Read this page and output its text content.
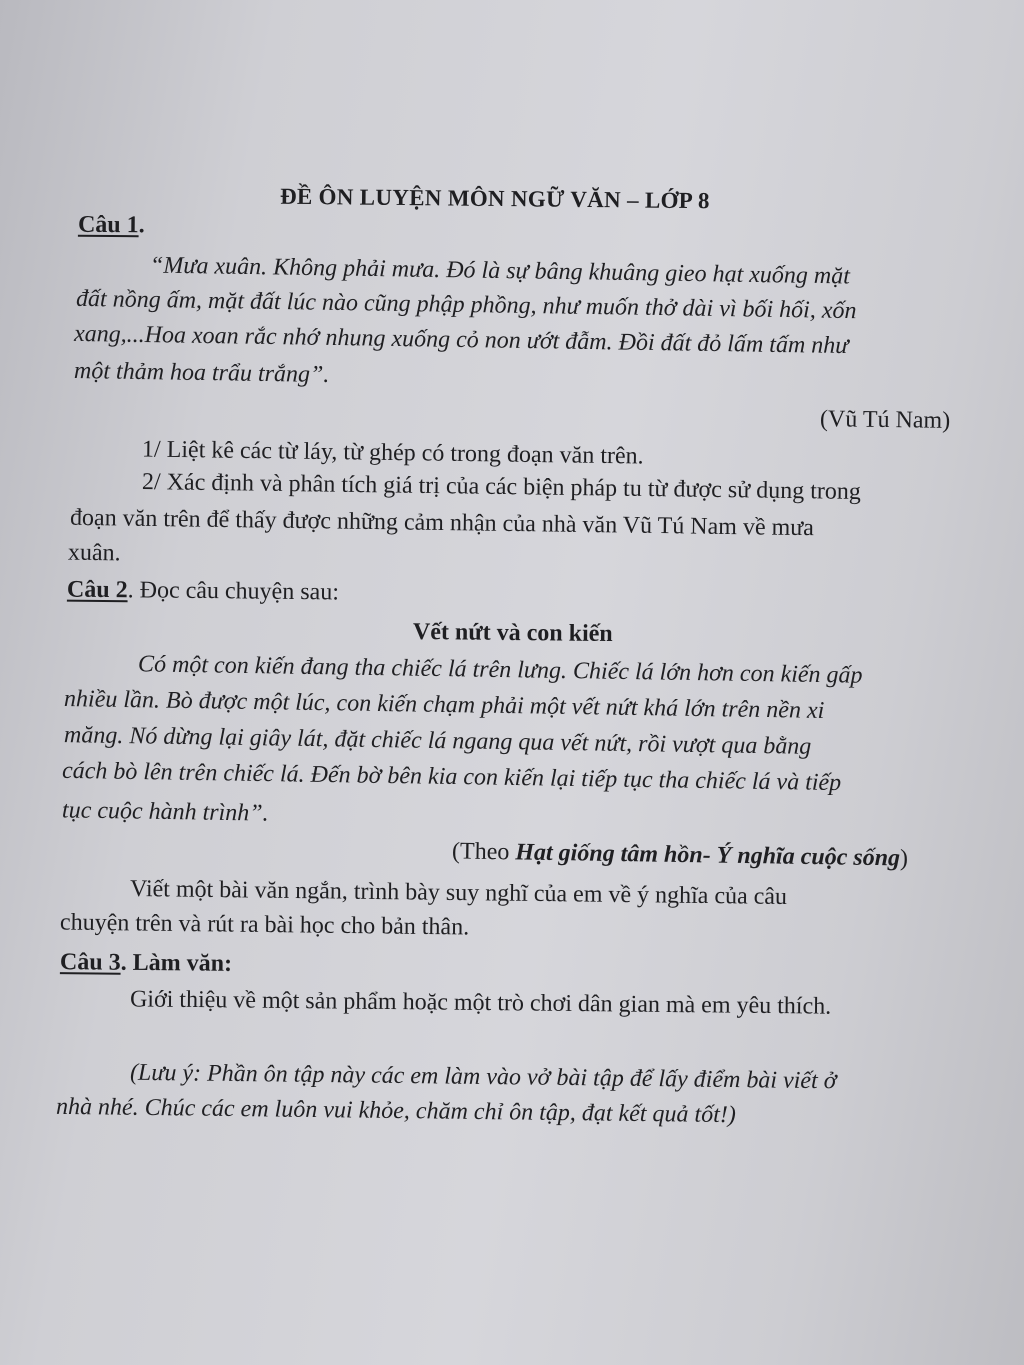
ĐỀ ÔN LUYỆN MÔN NGỮ VĂN – LỚP 8

Câu 1.

“Mưa xuân. Không phải mưa. Đó là sự bâng khuâng gieo hạt xuống mặt

đất nồng ấm, mặt đất lúc nào cũng phập phồng, như muốn thở dài vì bối hối, xốn

xang,...Hoa xoan rắc nhớ nhung xuống cỏ non ướt đẫm. Đồi đất đỏ lấm tấm như

một thảm hoa trẩu trắng”.

(Vũ Tú Nam)

1/ Liệt kê các từ láy, từ ghép có trong đoạn văn trên.

2/ Xác định và phân tích giá trị của các biện pháp tu từ được sử dụng trong

đoạn văn trên để thấy được những cảm nhận của nhà văn Vũ Tú Nam về mưa

xuân.

Câu 2. Đọc câu chuyện sau:

Vết nứt và con kiến

Có một con kiến đang tha chiếc lá trên lưng. Chiếc lá lớn hơn con kiến gấp

nhiều lần. Bò được một lúc, con kiến chạm phải một vết nứt khá lớn trên nền xi

măng. Nó dừng lại giây lát, đặt chiếc lá ngang qua vết nứt, rồi vượt qua bằng

cách bò lên trên chiếc lá. Đến bờ bên kia con kiến lại tiếp tục tha chiếc lá và tiếp

tục cuộc hành trình”.

(Theo Hạt giống tâm hồn- Ý nghĩa cuộc sống)

Viết một bài văn ngắn, trình bày suy nghĩ của em về ý nghĩa của câu

chuyện trên và rút ra bài học cho bản thân.

Câu 3. Làm văn:

Giới thiệu về một sản phẩm hoặc một trò chơi dân gian mà em yêu thích.

(Lưu ý: Phần ôn tập này các em làm vào vở bài tập để lấy điểm bài viết ở

nhà nhé. Chúc các em luôn vui khỏe, chăm chỉ ôn tập, đạt kết quả tốt!)
